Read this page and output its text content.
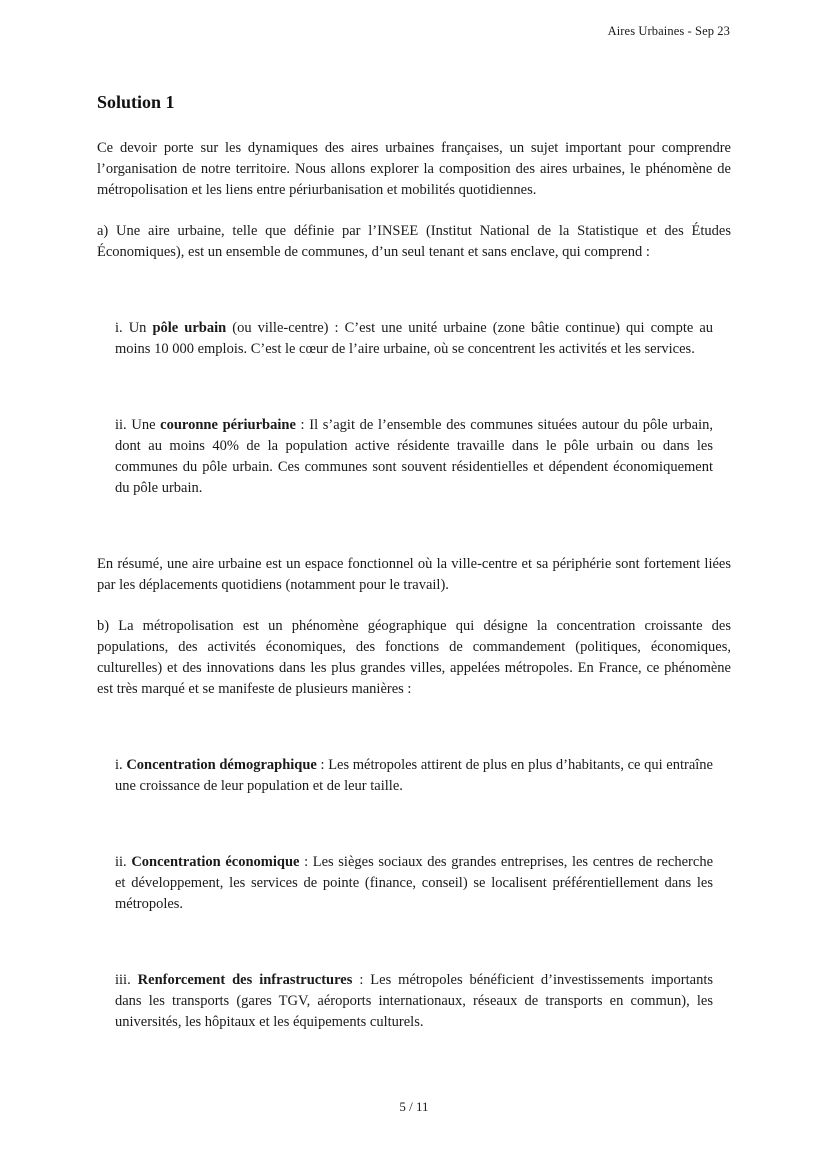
Aires Urbaines - Sep 23
Solution 1

Ce devoir porte sur les dynamiques des aires urbaines françaises, un sujet important pour comprendre l’organisation de notre territoire. Nous allons explorer la composition des aires urbaines, le phénomène de métropolisation et les liens entre périurbanisation et mobilités quotidiennes.

a) Une aire urbaine, telle que définie par l’INSEE (Institut National de la Statistique et des Études Économiques), est un ensemble de communes, d’un seul tenant et sans enclave, qui comprend :

i. Un pôle urbain (ou ville-centre) : C’est une unité urbaine (zone bâtie continue) qui compte au moins 10 000 emplois. C’est le cœur de l’aire urbaine, où se concentrent les activités et les services.

ii. Une couronne périurbaine : Il s’agit de l’ensemble des communes situées autour du pôle urbain, dont au moins 40% de la population active résidente travaille dans le pôle urbain ou dans les communes du pôle urbain. Ces communes sont souvent résidentielles et dépendent économiquement du pôle urbain.

En résumé, une aire urbaine est un espace fonctionnel où la ville-centre et sa périphérie sont fortement liées par les déplacements quotidiens (notamment pour le travail).

b) La métropolisation est un phénomène géographique qui désigne la concentration croissante des populations, des activités économiques, des fonctions de commandement (politiques, économiques, culturelles) et des innovations dans les plus grandes villes, appelées métropoles. En France, ce phénomène est très marqué et se manifeste de plusieurs manières :

i. Concentration démographique : Les métropoles attirent de plus en plus d’habitants, ce qui entraîne une croissance de leur population et de leur taille.

ii. Concentration économique : Les sièges sociaux des grandes entreprises, les centres de recherche et développement, les services de pointe (finance, conseil) se localisent préférentiellement dans les métropoles.

iii. Renforcement des infrastructures : Les métropoles bénéficient d’investissements importants dans les transports (gares TGV, aéroports internationaux, réseaux de transports en commun), les universités, les hôpitaux et les équipements culturels.

5 / 11
